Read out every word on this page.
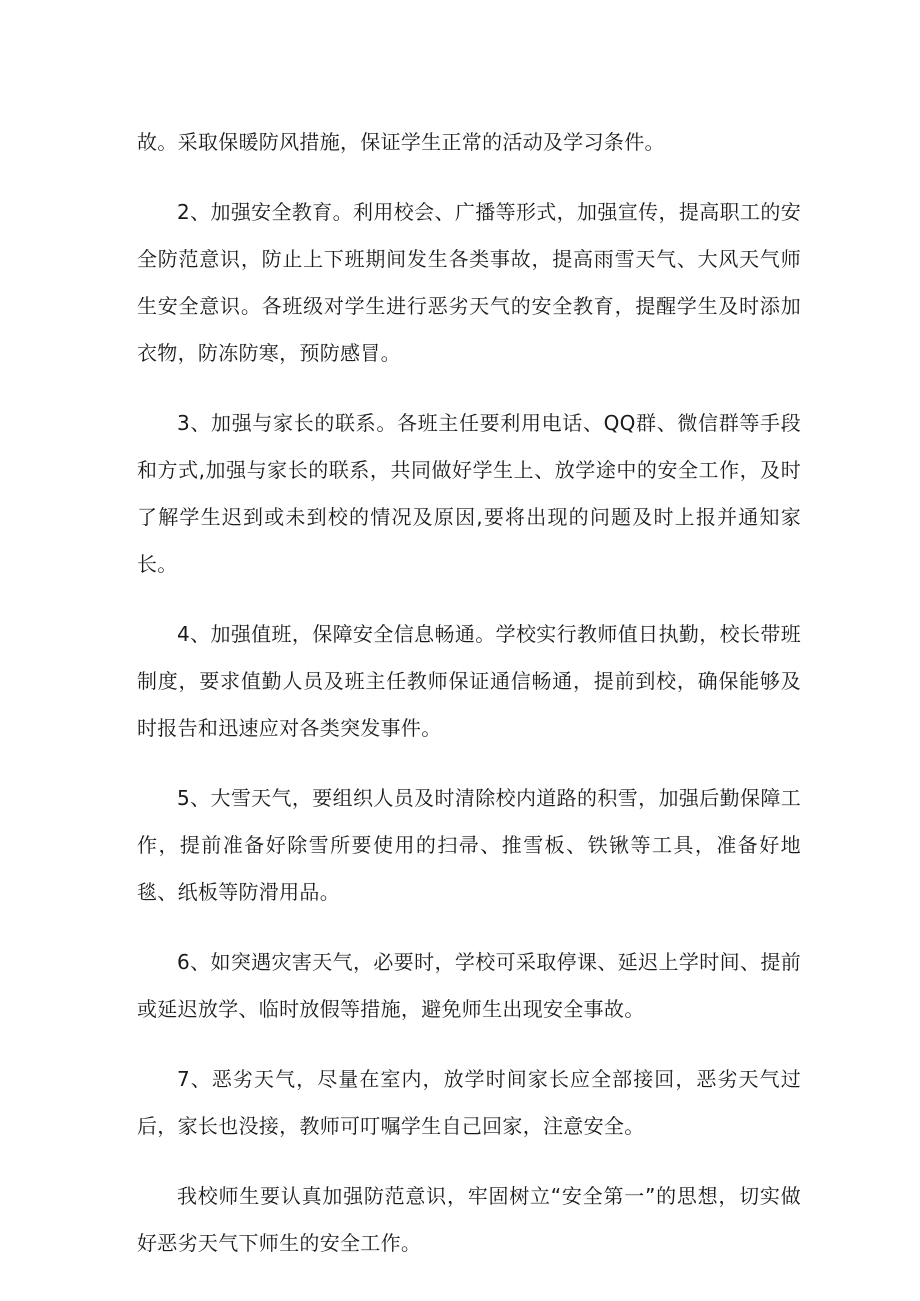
故。采取保暖防风措施，保证学生正常的活动及学习条件。

2、加强安全教育。利用校会、广播等形式，加强宣传，提高职工的安全防范意识，防止上下班期间发生各类事故，提高雨雪天气、大风天气师生安全意识。各班级对学生进行恶劣天气的安全教育，提醒学生及时添加衣物，防冻防寒，预防感冒。

3、加强与家长的联系。各班主任要利用电话、QQ群、微信群等手段和方式,加强与家长的联系，共同做好学生上、放学途中的安全工作，及时了解学生迟到或未到校的情况及原因,要将出现的问题及时上报并通知家长。

4、加强值班，保障安全信息畅通。学校实行教师值日执勤，校长带班制度，要求值勤人员及班主任教师保证通信畅通，提前到校，确保能够及时报告和迅速应对各类突发事件。

5、大雪天气，要组织人员及时清除校内道路的积雪，加强后勤保障工作，提前准备好除雪所要使用的扫帚、推雪板、铁锹等工具，准备好地毯、纸板等防滑用品。

6、如突遇灾害天气，必要时，学校可采取停课、延迟上学时间、提前或延迟放学、临时放假等措施，避免师生出现安全事故。

7、恶劣天气，尽量在室内，放学时间家长应全部接回，恶劣天气过后，家长也没接，教师可叮嘱学生自己回家，注意安全。

我校师生要认真加强防范意识，牢固树立“安全第一”的思想，切实做好恶劣天气下师生的安全工作。
